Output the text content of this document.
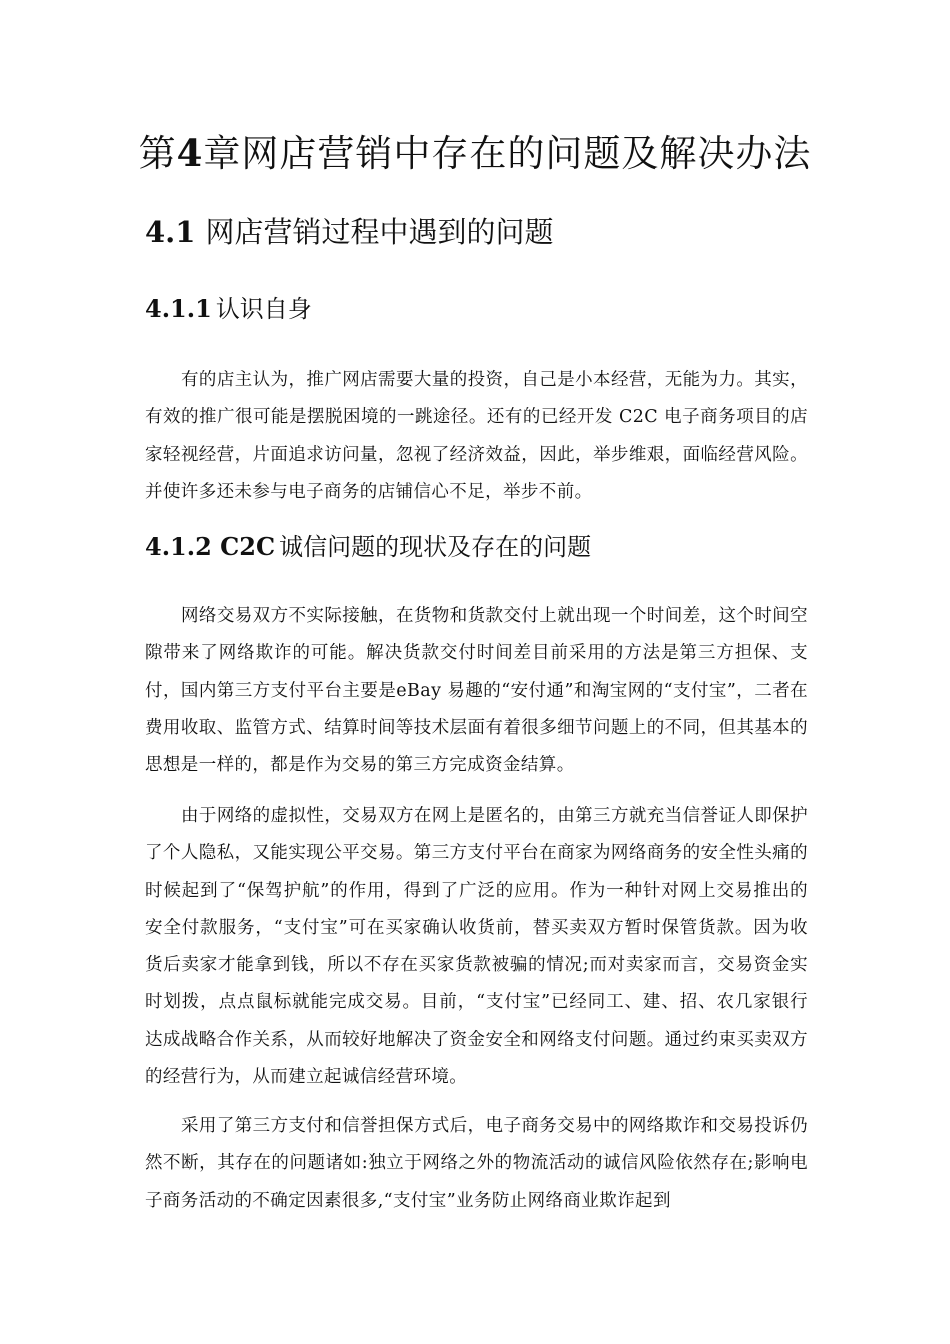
第4章网店营销中存在的问题及解决办法
4.1 网店营销过程中遇到的问题
4.1.1 认识自身

有的店主认为，推广网店需要大量的投资，自己是小本经营，无能为力。其实，有效的推广很可能是摆脱困境的一跳途径。还有的已经开发 C2C 电子商务项目的店家轻视经营，片面追求访问量，忽视了经济效益，因此，举步维艰，面临经营风险。并使许多还未参与电子商务的店铺信心不足，举步不前。

4.1.2 C2C 诚信问题的现状及存在的问题

网络交易双方不实际接触，在货物和货款交付上就出现一个时间差，这个时间空隙带来了网络欺诈的可能。解决货款交付时间差目前采用的方法是第三方担保、支付，国内第三方支付平台主要是eBay 易趣的“安付通”和淘宝网的“支付宝”，二者在费用收取、监管方式、结算时间等技术层面有着很多细节问题上的不同，但其基本的思想是一样的，都是作为交易的第三方完成资金结算。

由于网络的虚拟性，交易双方在网上是匿名的，由第三方就充当信誉证人即保护了个人隐私，又能实现公平交易。第三方支付平台在商家为网络商务的安全性头痛的时候起到了“保驾护航”的作用，得到了广泛的应用。作为一种针对网上交易推出的安全付款服务，“支付宝”可在买家确认收货前，替买卖双方暂时保管货款。因为收货后卖家才能拿到钱，所以不存在买家货款被骗的情况;而对卖家而言，交易资金实时划拨，点点鼠标就能完成交易。目前，“支付宝”已经同工、建、招、农几家银行达成战略合作关系，从而较好地解决了资金安全和网络支付问题。通过约束买卖双方的经营行为，从而建立起诚信经营环境。

采用了第三方支付和信誉担保方式后，电子商务交易中的网络欺诈和交易投诉仍然不断，其存在的问题诸如:独立于网络之外的物流活动的诚信风险依然存在;影响电子商务活动的不确定因素很多,“支付宝”业务防止网络商业欺诈起到
